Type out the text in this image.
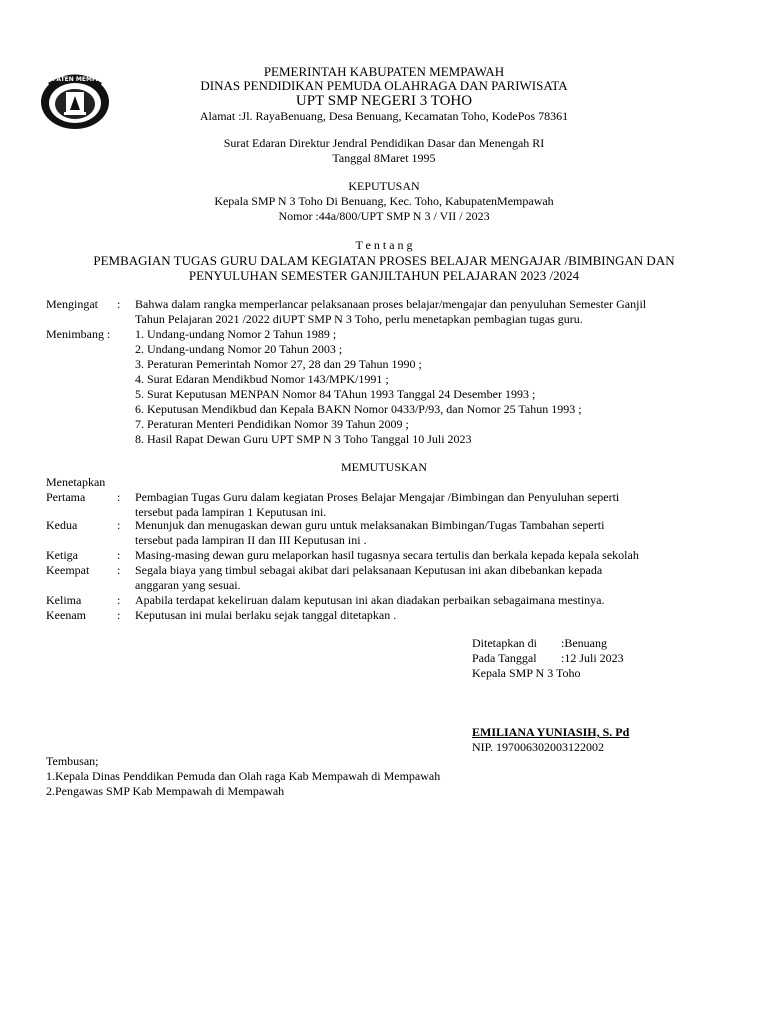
KABUPATEN MEMPAWAH
PEMERINTAH KABUPATEN MEMPAWAH
DINAS PENDIDIKAN PEMUDA OLAHRAGA DAN PARIWISATA
UPT SMP NEGERI 3 TOHO
Alamat :Jl. RayaBenuang, Desa Benuang, Kecamatan Toho, KodePos 78361
Surat Edaran Direktur Jendral Pendidikan Dasar dan Menengah RI
Tanggal 8Maret 1995
KEPUTUSAN
Kepala SMP N 3 Toho Di Benuang, Kec. Toho, KabupatenMempawah
Nomor :44a/800/UPT SMP N 3 / VII / 2023
T e n t a n g
PEMBAGIAN TUGAS GURU DALAM KEGIATAN PROSES BELAJAR MENGAJAR /BIMBINGAN DAN
PENYULUHAN SEMESTER GANJILTAHUN PELAJARAN 2023 /2024
Mengingat : Bahwa dalam rangka memperlancar pelaksanaan proses belajar/mengajar dan penyuluhan Semester Ganjil
Tahun Pelajaran 2021 /2022 diUPT SMP N 3 Toho, perlu menetapkan pembagian tugas guru.
Menimbang : 1. Undang-undang Nomor 2 Tahun 1989 ;
2. Undang-undang Nomor 20 Tahun 2003 ;
3. Peraturan Pemerintah Nomor 27, 28 dan 29 Tahun 1990 ;
4. Surat Edaran Mendikbud Nomor 143/MPK/1991 ;
5. Surat Keputusan MENPAN Nomor 84 TAhun 1993 Tanggal 24 Desember 1993 ;
6. Keputusan Mendikbud dan Kepala BAKN Nomor 0433/P/93, dan Nomor 25 Tahun 1993 ;
7. Peraturan Menteri Pendidikan Nomor 39 Tahun 2009 ;
8. Hasil Rapat Dewan Guru UPT SMP N 3 Toho Tanggal 10 Juli 2023
MEMUTUSKAN
Menetapkan
Pertama	: Pembagian Tugas Guru dalam kegiatan Proses Belajar Mengajar /Bimbingan dan Penyuluhan seperti
tersebut pada lampiran 1 Keputusan ini.
Kedua	: Menunjuk dan menugaskan dewan guru untuk melaksanakan Bimbingan/Tugas Tambahan seperti
tersebut pada lampiran II dan III Keputusan ini .
Ketiga	: Masing-masing dewan guru melaporkan hasil tugasnya secara tertulis dan berkala kepada kepala sekolah
Keempat : Segala biaya yang timbul sebagai akibat dari pelaksanaan Keputusan ini akan dibebankan kepada
anggaran yang sesuai.
Kelima	: Apabila terdapat kekeliruan dalam keputusan ini akan diadakan perbaikan sebagaimana mestinya.
Keenam	: Keputusan ini mulai berlaku sejak tanggal ditetapkan .
Ditetapkan di :Benuang
Pada Tanggal :12 Juli 2023
Kepala SMP N 3 Toho
EMILIANA YUNIASIH, S. Pd
NIP. 197006302003122002
Tembusan;
1.Kepala Dinas Penddikan Pemuda dan Olah raga Kab Mempawah di Mempawah
2.Pengawas SMP Kab Mempawah di Mempawah
